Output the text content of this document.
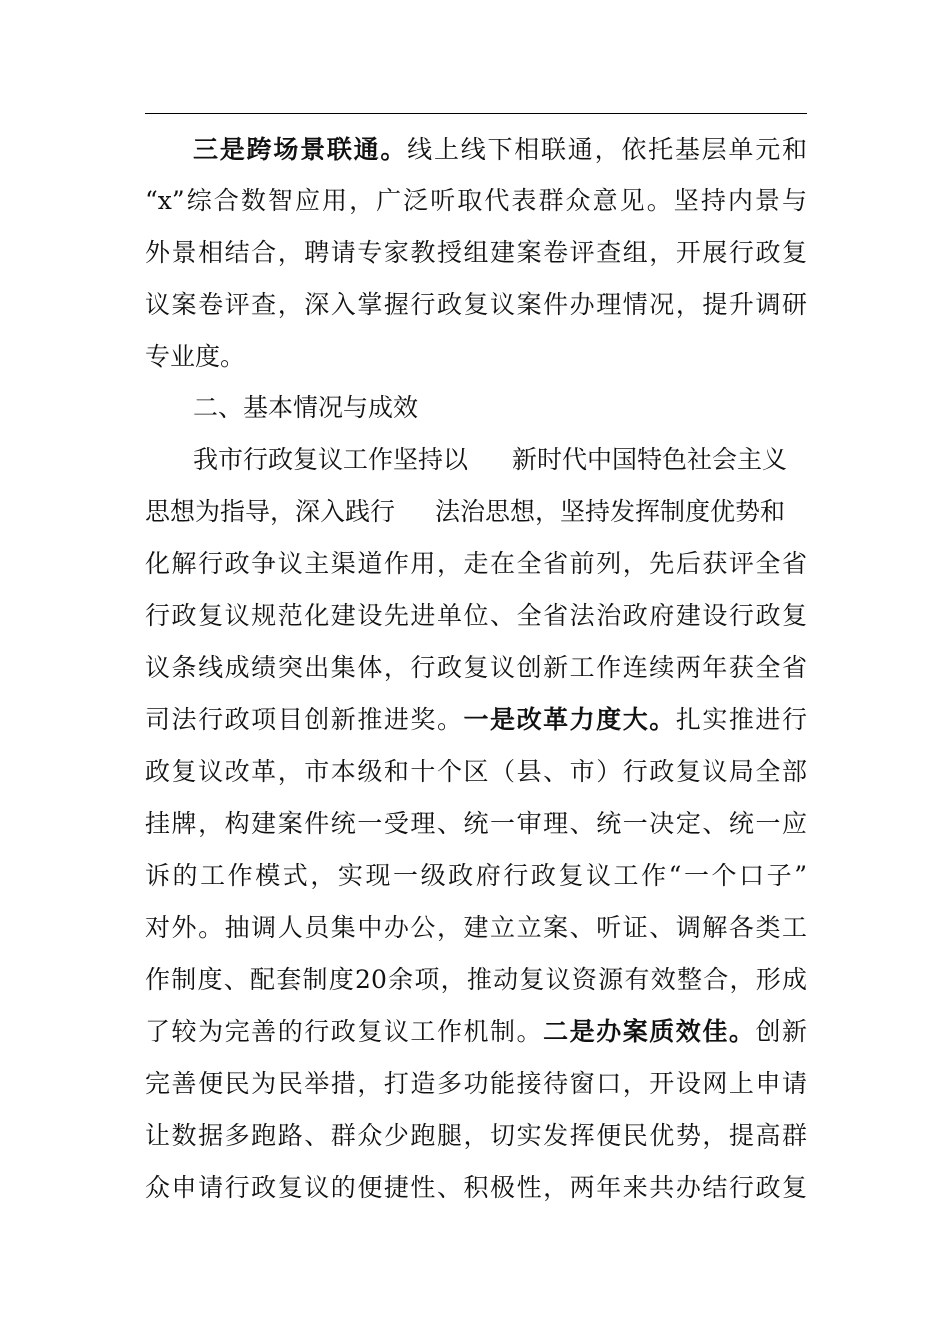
三是跨场景联通。线上线下相联通，依托基层单元和
“x”综合数智应用，广泛听取代表群众意见。坚持内景与
外景相结合，聘请专家教授组建案卷评查组，开展行政复
议案卷评查，深入掌握行政复议案件办理情况，提升调研
专业度。
二、基本情况与成效
我市行政复议工作坚持以 新时代中国特色社会主义
思想为指导，深入践行 法治思想，坚持发挥制度优势和
化解行政争议主渠道作用，走在全省前列，先后获评全省
行政复议规范化建设先进单位、全省法治政府建设行政复
议条线成绩突出集体，行政复议创新工作连续两年获全省
司法行政项目创新推进奖。一是改革力度大。扎实推进行
政复议改革，市本级和十个区（县、市）行政复议局全部
挂牌，构建案件统一受理、统一审理、统一决定、统一应
诉的工作模式，实现一级政府行政复议工作“一个口子”
对外。抽调人员集中办公，建立立案、听证、调解各类工
作制度、配套制度20余项，推动复议资源有效整合，形成
了较为完善的行政复议工作机制。二是办案质效佳。创新
完善便民为民举措，打造多功能接待窗口，开设网上申请
让数据多跑路、群众少跑腿，切实发挥便民优势，提高群
众申请行政复议的便捷性、积极性，两年来共办结行政复
